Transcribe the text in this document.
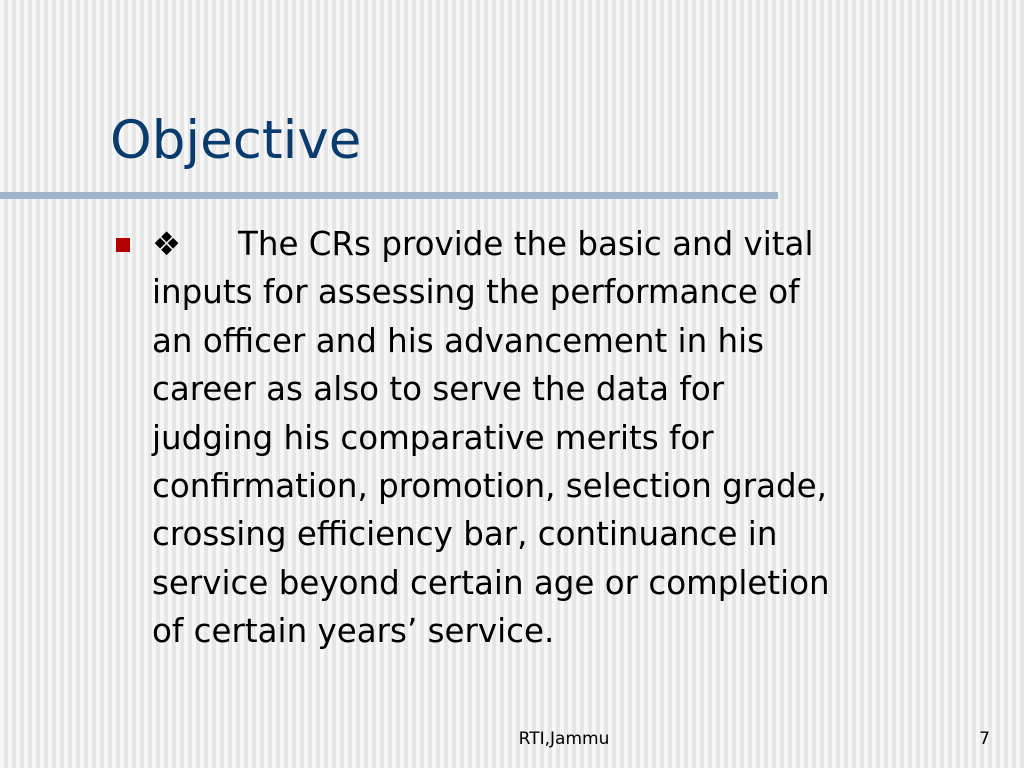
Objective
❖ The CRs provide the basic and vital
inputs for assessing the performance of
an officer and his advancement in his
career as also to serve the data for
judging his comparative merits for
confirmation, promotion, selection grade,
crossing efficiency bar, continuance in
service beyond certain age or completion
of certain years’ service.
RTI,Jammu	7
